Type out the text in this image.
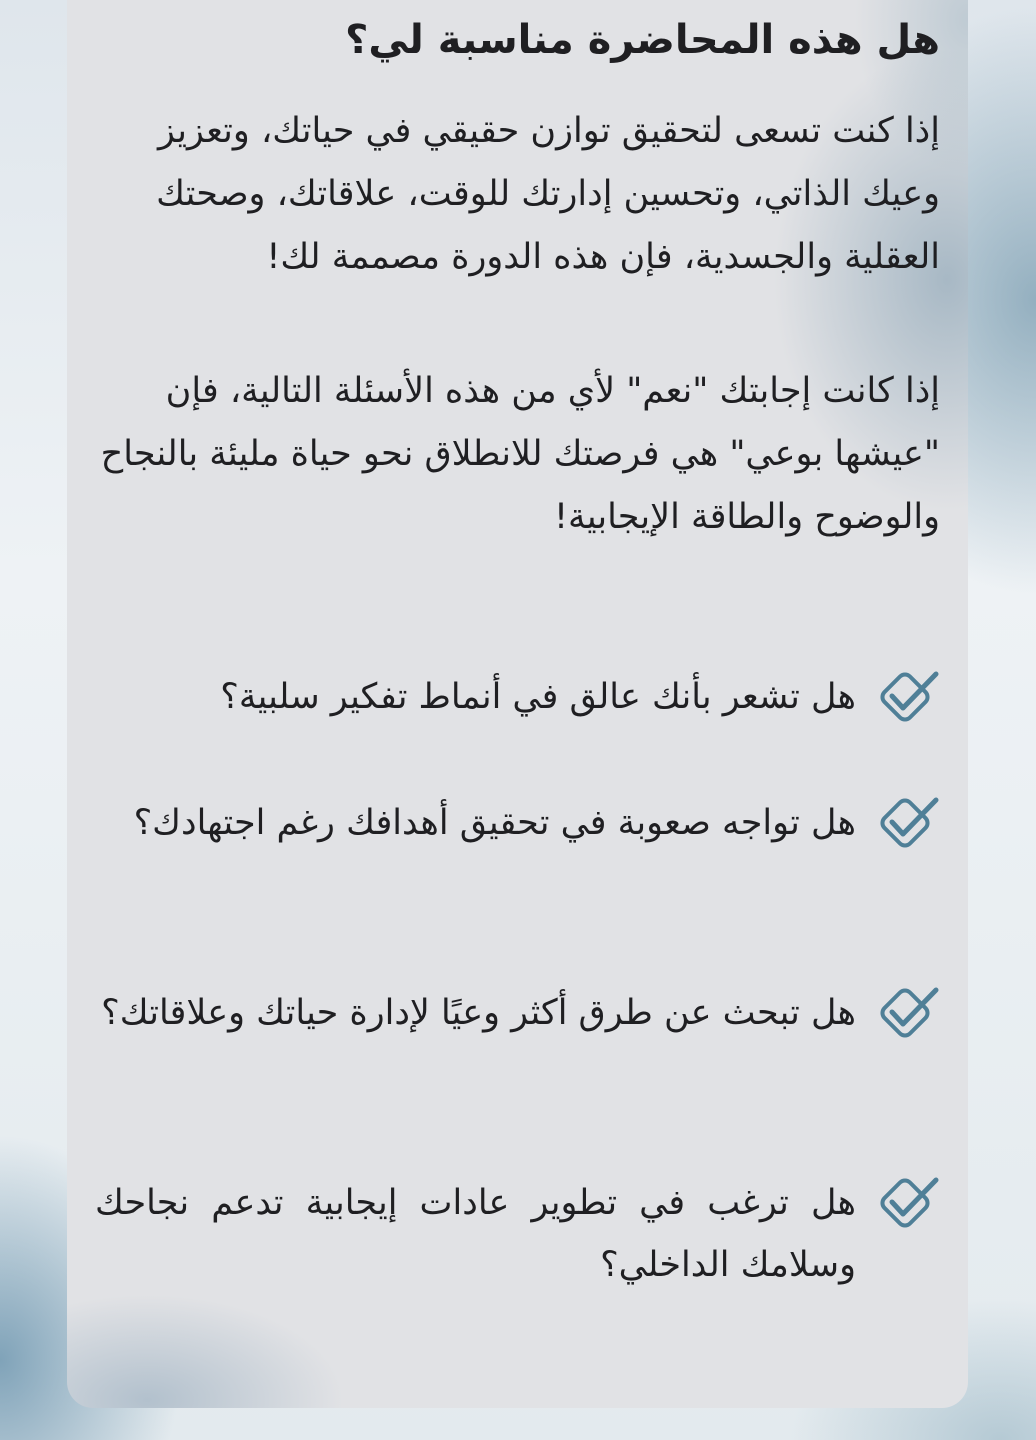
هل هذه المحاضرة مناسبة لي؟

إذا كنت تسعى لتحقيق توازن حقيقي في حياتك، وتعزيز وعيك الذاتي، وتحسين إدارتك للوقت، علاقاتك، وصحتك العقلية والجسدية، فإن هذه الدورة مصممة لك!

إذا كانت إجابتك "نعم" لأي من هذه الأسئلة التالية، فإن "عيشها بوعي" هي فرصتك للانطلاق نحو حياة مليئة بالنجاح والوضوح والطاقة الإيجابية!

هل تشعر بأنك عالق في أنماط تفكير سلبية؟

هل تواجه صعوبة في تحقيق أهدافك رغم اجتهادك؟

هل تبحث عن طرق أكثر وعيًا لإدارة حياتك وعلاقاتك؟

هل ترغب في تطوير عادات إيجابية تدعم نجاحك وسلامك الداخلي؟
